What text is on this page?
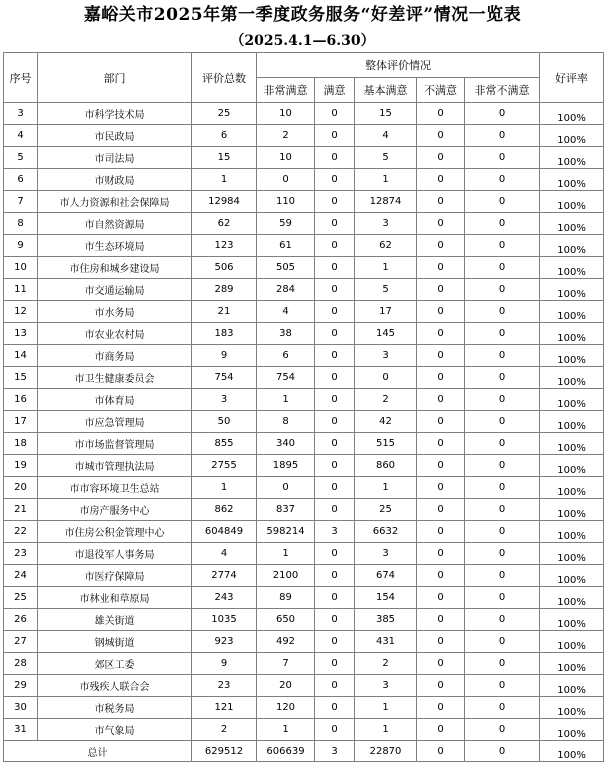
嘉峪关市2025年第一季度政务服务“好差评”情况一览表
（2025.4.1—6.30）
序号	部门	评价总数	整体评价情况					好评率
			非常满意	满意	基本满意	不满意	非常不满意	
3	市科学技术局	25	10	0	15	0	0	100%
4	市民政局	6	2	0	4	0	0	100%
5	市司法局	15	10	0	5	0	0	100%
6	市财政局	1	0	0	1	0	0	100%
7	市人力资源和社会保障局	12984	110	0	12874	0	0	100%
8	市自然资源局	62	59	0	3	0	0	100%
9	市生态环境局	123	61	0	62	0	0	100%
10	市住房和城乡建设局	506	505	0	1	0	0	100%
11	市交通运输局	289	284	0	5	0	0	100%
12	市水务局	21	4	0	17	0	0	100%
13	市农业农村局	183	38	0	145	0	0	100%
14	市商务局	9	6	0	3	0	0	100%
15	市卫生健康委员会	754	754	0	0	0	0	100%
16	市体育局	3	1	0	2	0	0	100%
17	市应急管理局	50	8	0	42	0	0	100%
18	市市场监督管理局	855	340	0	515	0	0	100%
19	市城市管理执法局	2755	1895	0	860	0	0	100%
20	市市容环境卫生总站	1	0	0	1	0	0	100%
21	市房产服务中心	862	837	0	25	0	0	100%
22	市住房公积金管理中心	604849	598214	3	6632	0	0	100%
23	市退役军人事务局	4	1	0	3	0	0	100%
24	市医疗保障局	2774	2100	0	674	0	0	100%
25	市林业和草原局	243	89	0	154	0	0	100%
26	雄关街道	1035	650	0	385	0	0	100%
27	钢城街道	923	492	0	431	0	0	100%
28	郊区工委	9	7	0	2	0	0	100%
29	市残疾人联合会	23	20	0	3	0	0	100%
30	市税务局	121	120	0	1	0	0	100%
31	市气象局	2	1	0	1	0	0	100%
总计		629512	606639	3	22870	0	0	100%
